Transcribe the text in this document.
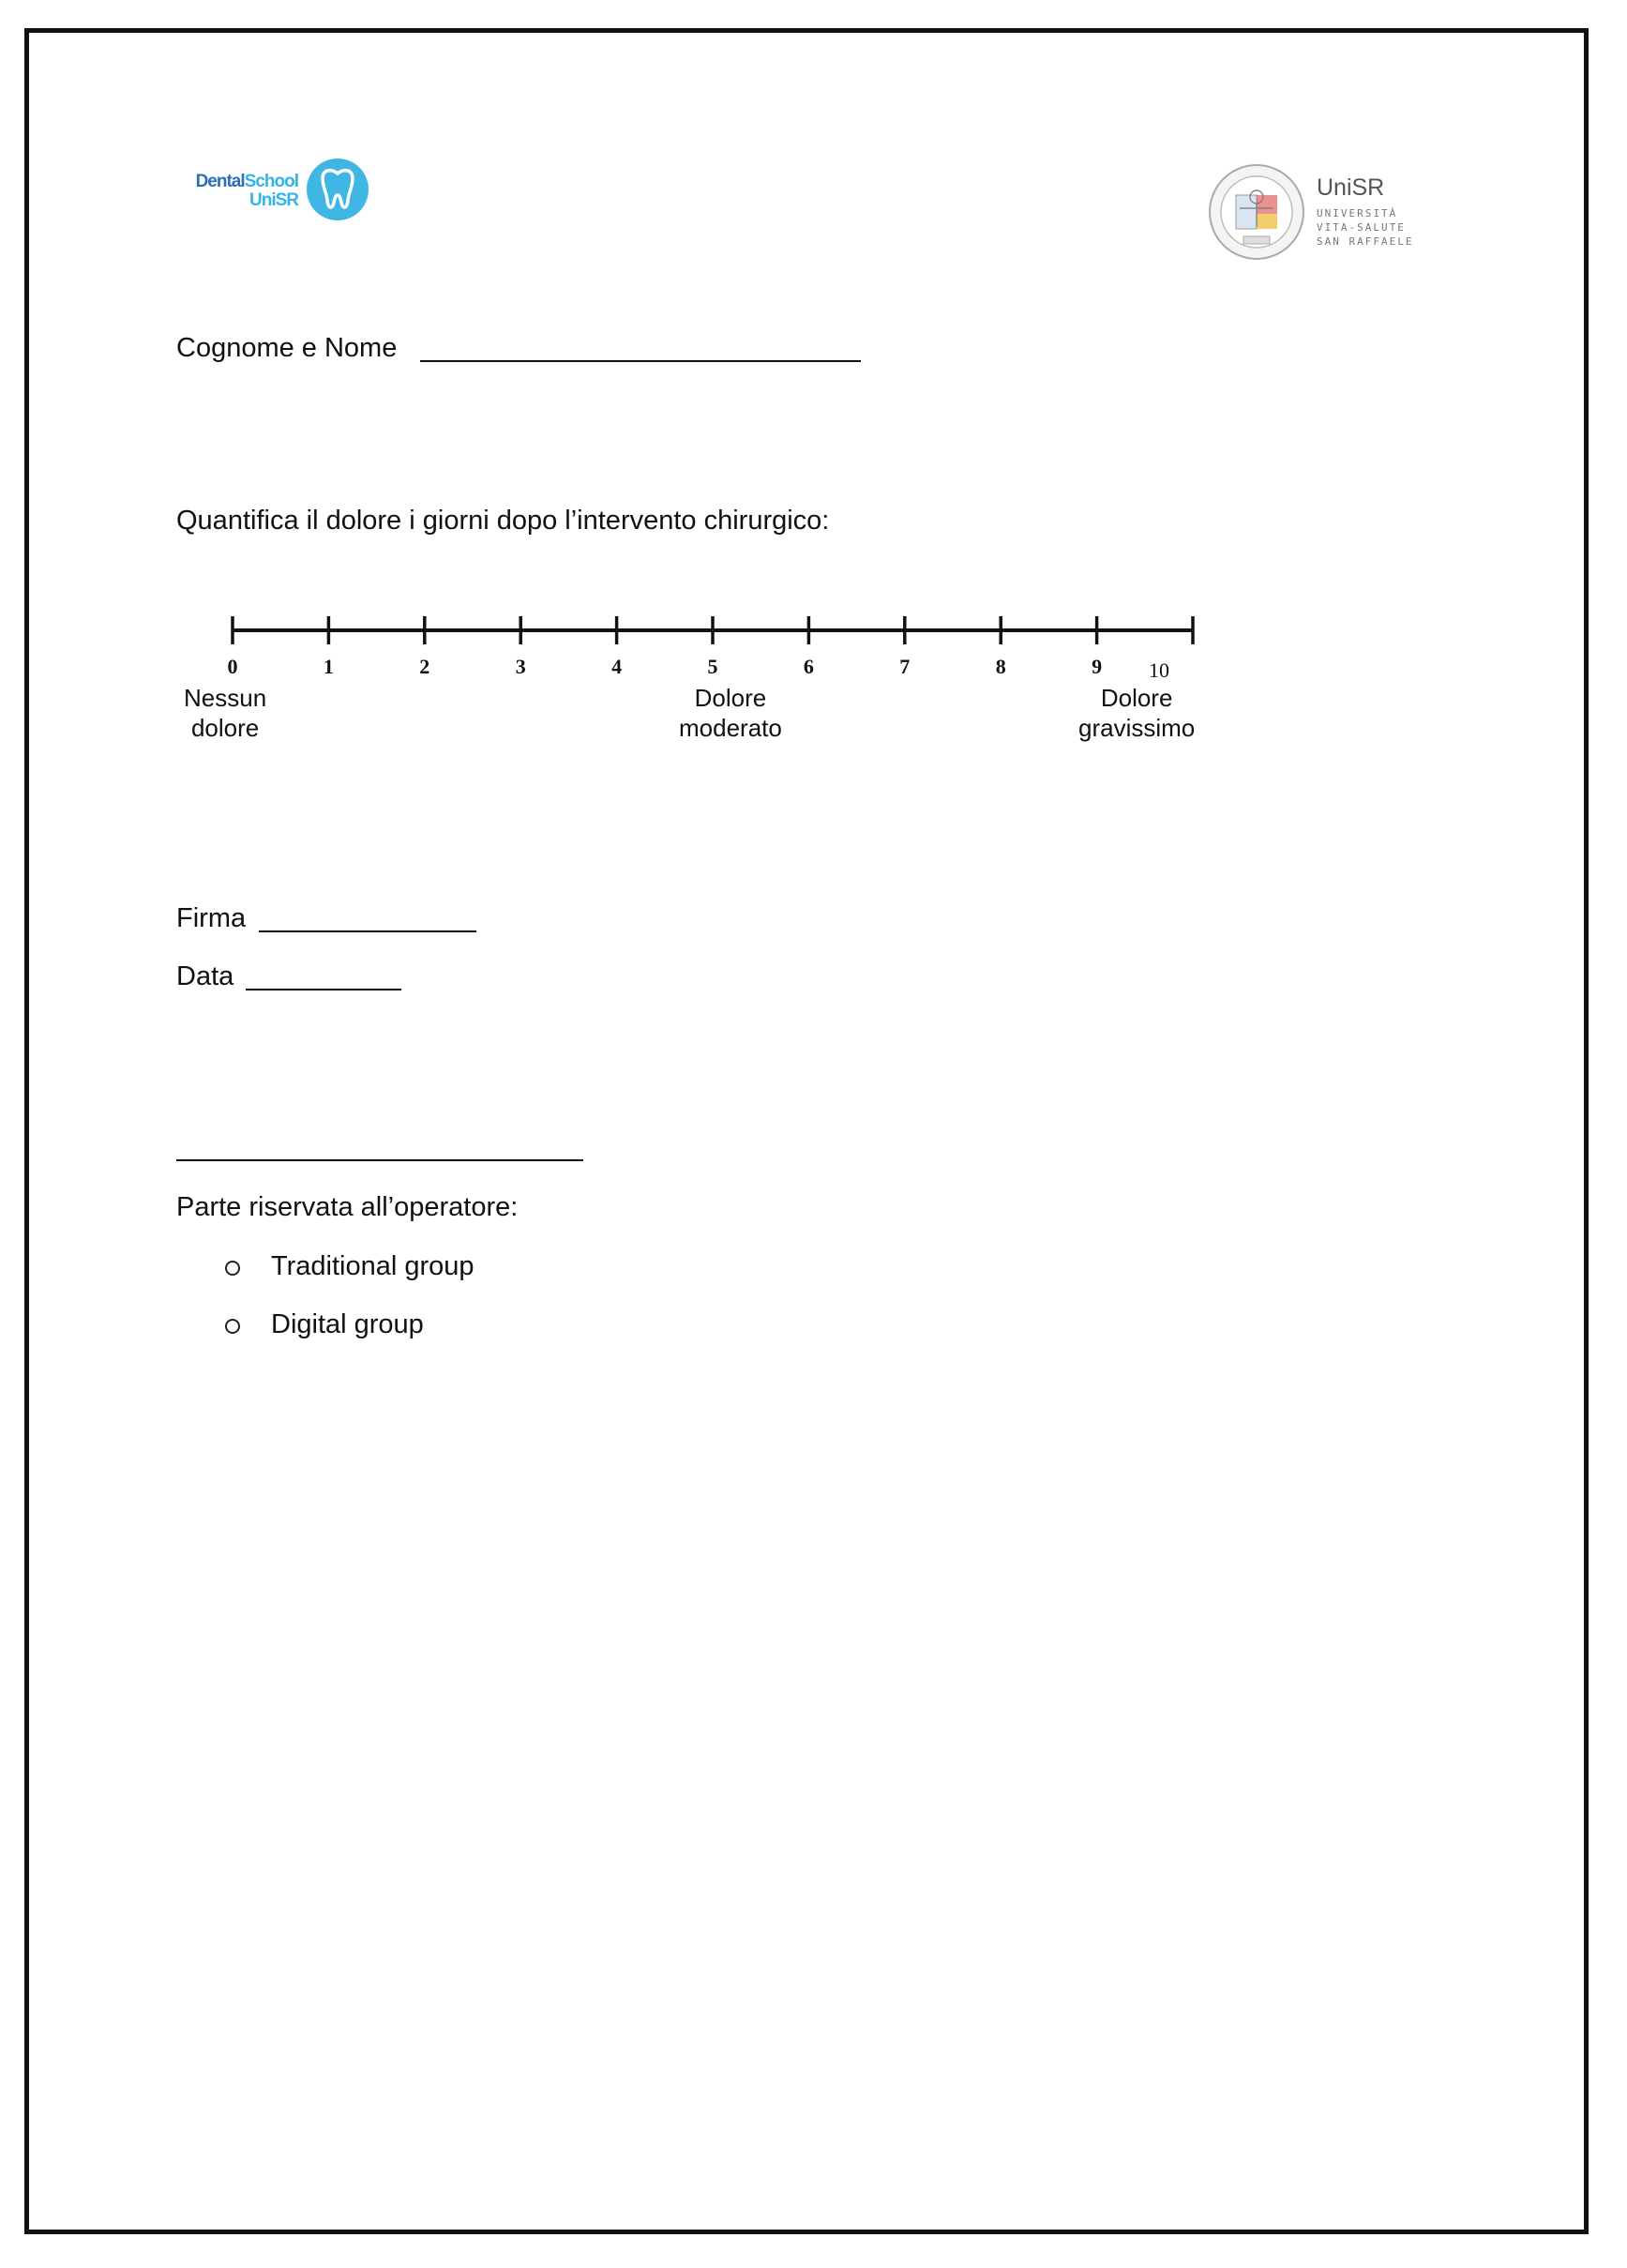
DentalSchool
UniSR	UniSR
UNIVERSITÀ
VITA-SALUTE
SAN RAFFAELE
Cognome e Nome
Quantifica il dolore i giorni dopo l’intervento chirurgico:
0	1	2	3	4	5	6	7	8	9 10
Nessun
dolore
Dolore
moderato
Dolore
gravissimo
Firma
Data
Parte riservata all’operatore:
Traditional group
Digital group
